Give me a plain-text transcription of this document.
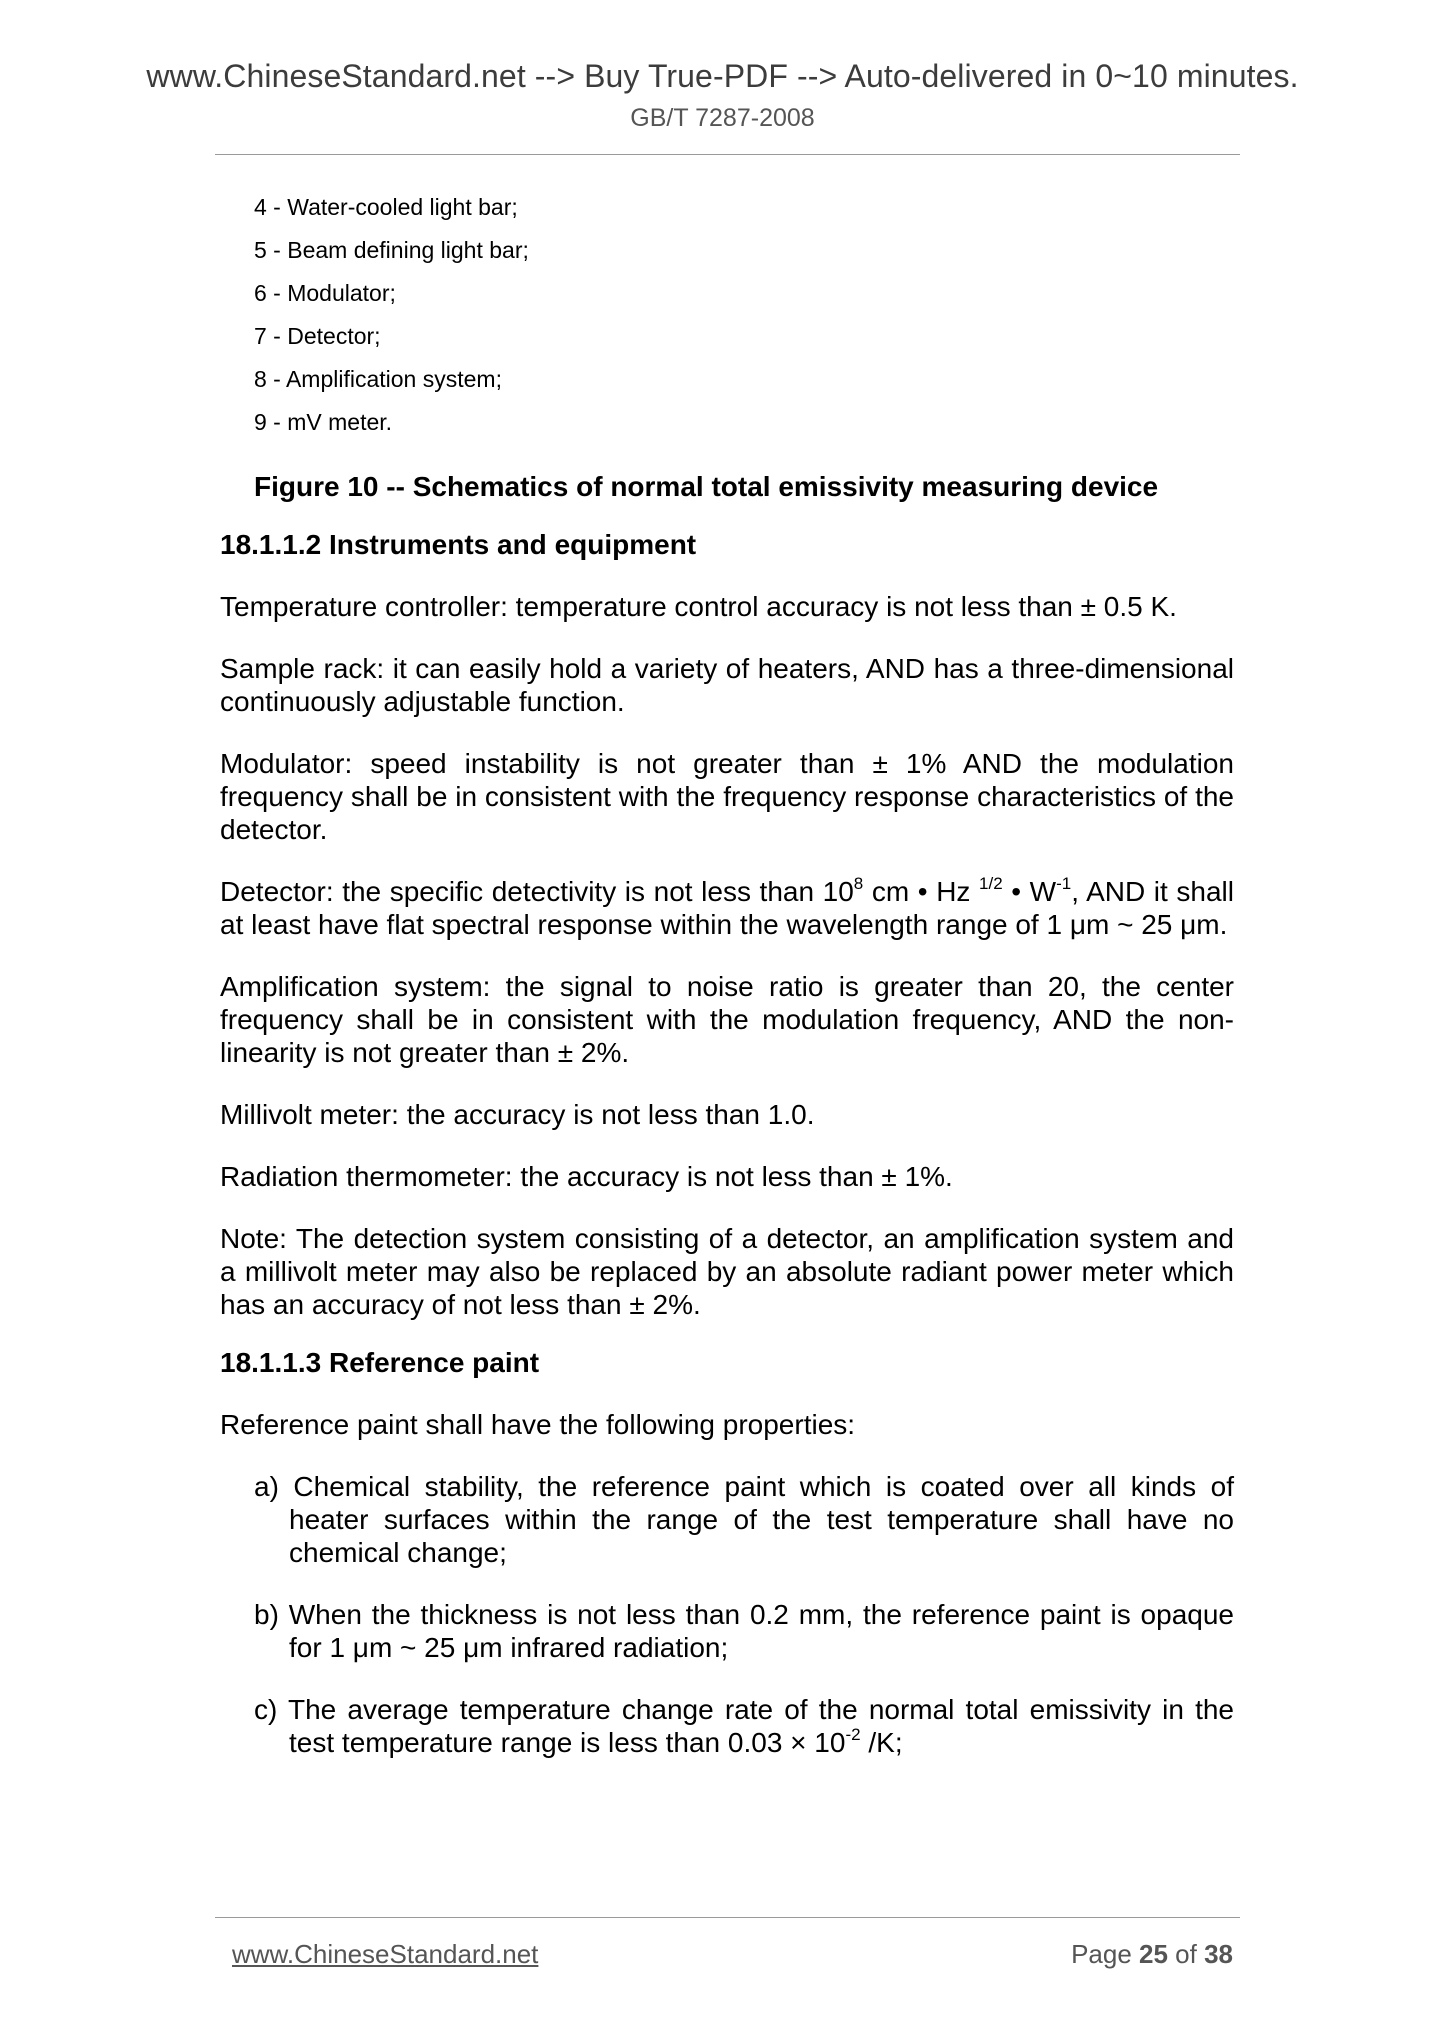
www.ChineseStandard.net --> Buy True-PDF --> Auto-delivered in 0~10 minutes.
GB/T 7287-2008
4 - Water-cooled light bar;
5 - Beam defining light bar;
6 - Modulator;
7 - Detector;
8 - Amplification system;
9 - mV meter.
Figure 10 -- Schematics of normal total emissivity measuring device
18.1.1.2 Instruments and equipment

Temperature controller: temperature control accuracy is not less than ± 0.5 K.

Sample rack: it can easily hold a variety of heaters, AND has a three-dimensional continuously adjustable function.

Modulator: speed instability is not greater than ± 1% AND the modulation frequency shall be in consistent with the frequency response characteristics of the detector.

Detector: the specific detectivity is not less than $10^8$ cm • Hz $^{1/2}$ • $W^{-1}$, AND it shall at least have flat spectral response within the wavelength range of 1 μm ~ 25 μm.

Amplification system: the signal to noise ratio is greater than 20, the center frequency shall be in consistent with the modulation frequency, AND the non-linearity is not greater than ± 2%.

Millivolt meter: the accuracy is not less than 1.0.

Radiation thermometer: the accuracy is not less than ± 1%.

Note: The detection system consisting of a detector, an amplification system and a millivolt meter may also be replaced by an absolute radiant power meter which has an accuracy of not less than ± 2%.

18.1.1.3 Reference paint

Reference paint shall have the following properties:

a) Chemical stability, the reference paint which is coated over all kinds of heater surfaces within the range of the test temperature shall have no chemical change;

b) When the thickness is not less than 0.2 mm, the reference paint is opaque for 1 μm ~ 25 μm infrared radiation;

c) The average temperature change rate of the normal total emissivity in the test temperature range is less than $0.03 \times 10^{-2}$ /K;

www.ChineseStandard.net	Page 25 of 38
